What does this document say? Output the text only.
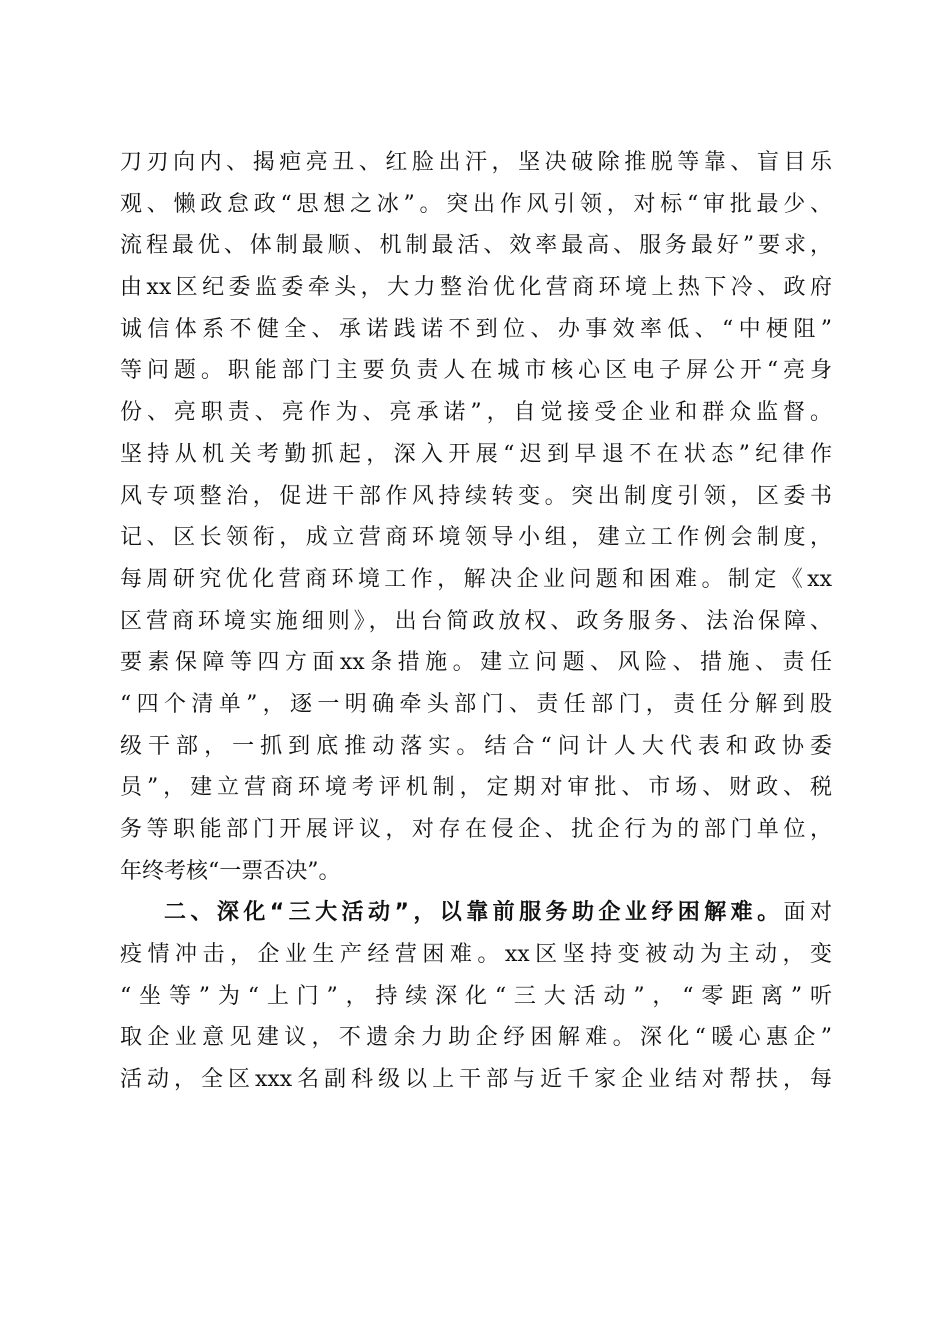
刀刃向内、揭疤亮丑、红脸出汗，坚决破除推脱等靠、盲目乐
观、懒政怠政“思想之冰”。突出作风引领，对标“审批最少、
流程最优、体制最顺、机制最活、效率最高、服务最好”要求，
由xx区纪委监委牵头，大力整治优化营商环境上热下冷、政府
诚信体系不健全、承诺践诺不到位、办事效率低、“中梗阻”
等问题。职能部门主要负责人在城市核心区电子屏公开“亮身
份、亮职责、亮作为、亮承诺”，自觉接受企业和群众监督。
坚持从机关考勤抓起，深入开展“迟到早退不在状态”纪律作
风专项整治，促进干部作风持续转变。突出制度引领，区委书
记、区长领衔，成立营商环境领导小组，建立工作例会制度，
每周研究优化营商环境工作，解决企业问题和困难。制定《xx
区营商环境实施细则》，出台简政放权、政务服务、法治保障、
要素保障等四方面xx条措施。建立问题、风险、措施、责任
“四个清单”，逐一明确牵头部门、责任部门，责任分解到股
级干部，一抓到底推动落实。结合“问计人大代表和政协委
员”，建立营商环境考评机制，定期对审批、市场、财政、税
务等职能部门开展评议，对存在侵企、扰企行为的部门单位，
年终考核“一票否决”。
二、深化“三大活动”，以靠前服务助企业纾困解难。面对
疫情冲击，企业生产经营困难。xx区坚持变被动为主动，变
“坐等”为“上门”，持续深化“三大活动”，“零距离”听
取企业意见建议，不遗余力助企纾困解难。深化“暖心惠企”
活动，全区xxx名副科级以上干部与近千家企业结对帮扶，每
